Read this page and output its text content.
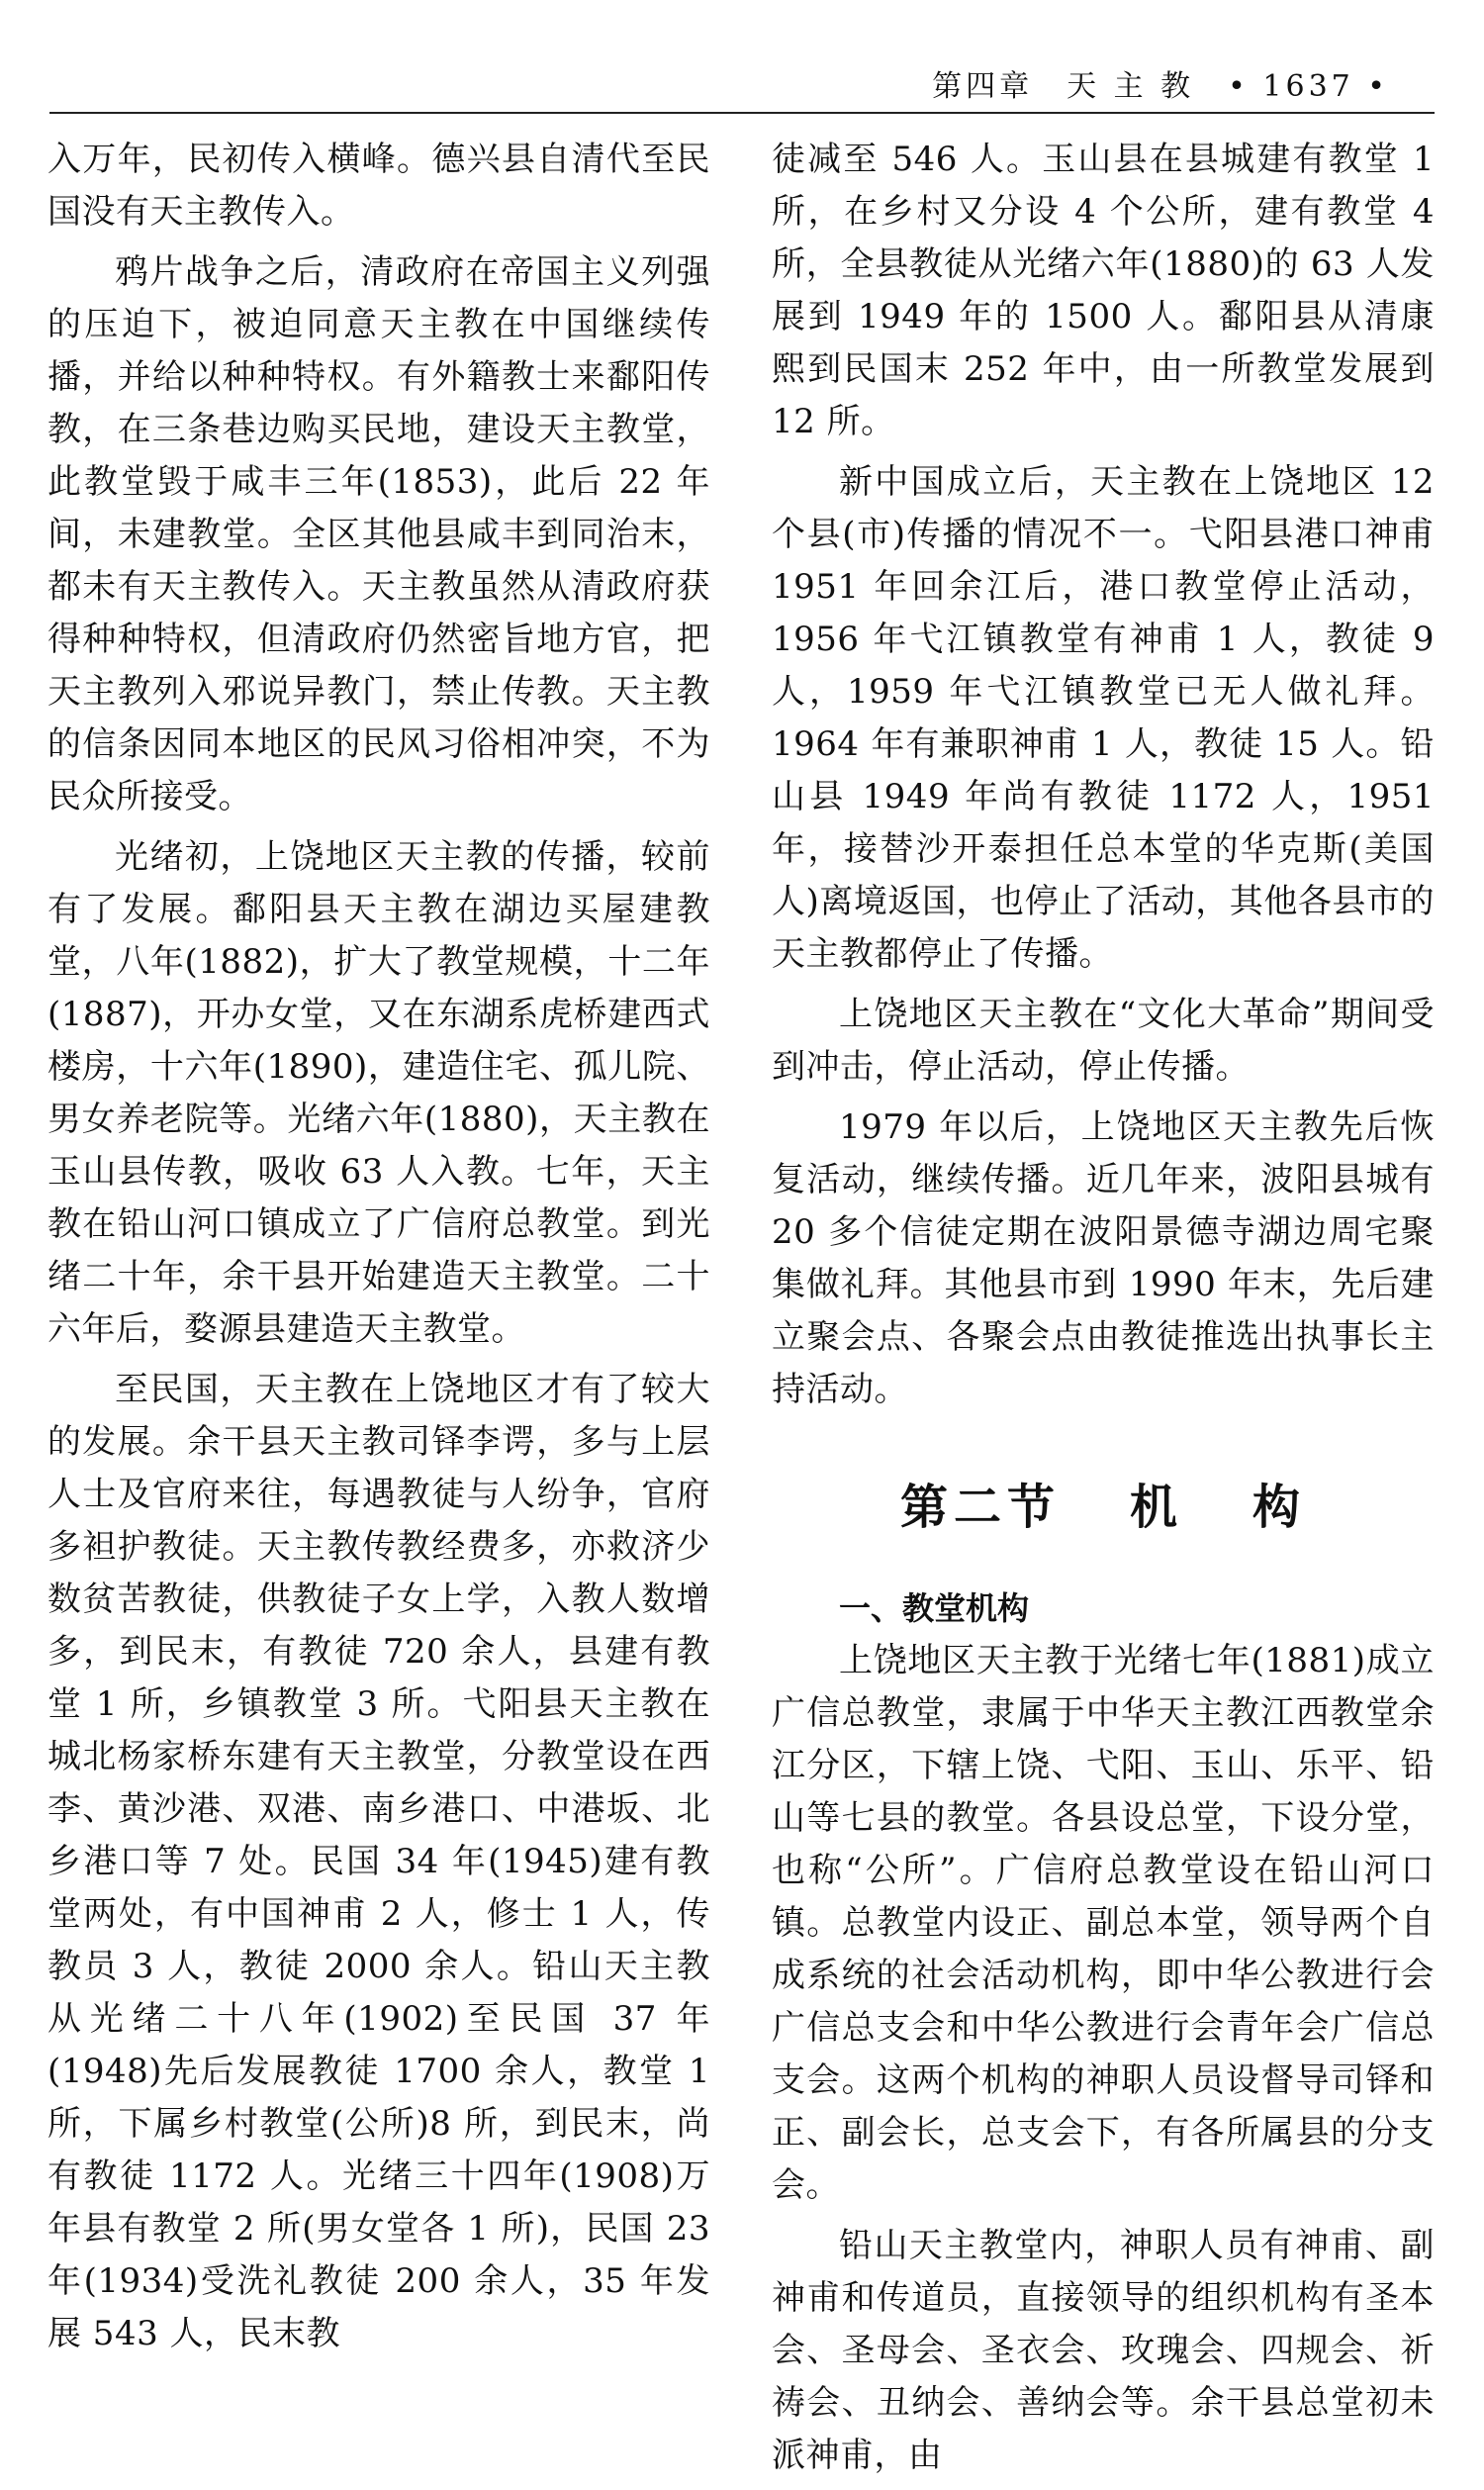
第四章　天 主 教　• 1637 •

入万年，民初传入横峰。德兴县自清代至民国没有天主教传入。

鸦片战争之后，清政府在帝国主义列强的压迫下，被迫同意天主教在中国继续传播，并给以种种特权。有外籍教士来鄱阳传教，在三条巷边购买民地，建设天主教堂，此教堂毁于咸丰三年(1853)，此后 22 年间，未建教堂。全区其他县咸丰到同治末，都未有天主教传入。天主教虽然从清政府获得种种特权，但清政府仍然密旨地方官，把天主教列入邪说异教门，禁止传教。天主教的信条因同本地区的民风习俗相冲突，不为民众所接受。

光绪初，上饶地区天主教的传播，较前有了发展。鄱阳县天主教在湖边买屋建教堂，八年(1882)，扩大了教堂规模，十二年(1887)，开办女堂，又在东湖系虎桥建西式楼房，十六年(1890)，建造住宅、孤儿院、男女养老院等。光绪六年(1880)，天主教在玉山县传教，吸收 63 人入教。七年，天主教在铅山河口镇成立了广信府总教堂。到光绪二十年，余干县开始建造天主教堂。二十六年后，婺源县建造天主教堂。

至民国，天主教在上饶地区才有了较大的发展。余干县天主教司铎李谔，多与上层人士及官府来往，每遇教徒与人纷争，官府多袒护教徒。天主教传教经费多，亦救济少数贫苦教徒，供教徒子女上学，入教人数增多，到民末，有教徒 720 余人，县建有教堂 1 所，乡镇教堂 3 所。弋阳县天主教在城北杨家桥东建有天主教堂，分教堂设在西李、黄沙港、双港、南乡港口、中港坂、北乡港口等 7 处。民国 34 年(1945)建有教堂两处，有中国神甫 2 人，修士 1 人，传教员 3 人，教徒 2000 余人。铅山天主教从光绪二十八年(1902)至民国 37 年(1948)先后发展教徒 1700 余人，教堂 1 所，下属乡村教堂(公所)8 所，到民末，尚有教徒 1172 人。光绪三十四年(1908)万年县有教堂 2 所(男女堂各 1 所)，民国 23 年(1934)受洗礼教徒 200 余人，35 年发展 543 人，民末教

徒减至 546 人。玉山县在县城建有教堂 1 所，在乡村又分设 4 个公所，建有教堂 4 所，全县教徒从光绪六年(1880)的 63 人发展到 1949 年的 1500 人。鄱阳县从清康熙到民国末 252 年中，由一所教堂发展到 12 所。

新中国成立后，天主教在上饶地区 12 个县(市)传播的情况不一。弋阳县港口神甫 1951 年回余江后，港口教堂停止活动，1956 年弋江镇教堂有神甫 1 人，教徒 9 人，1959 年弋江镇教堂已无人做礼拜。1964 年有兼职神甫 1 人，教徒 15 人。铅山县 1949 年尚有教徒 1172 人，1951 年，接替沙开泰担任总本堂的华克斯(美国人)离境返国，也停止了活动，其他各县市的天主教都停止了传播。

上饶地区天主教在“文化大革命”期间受到冲击，停止活动，停止传播。

1979 年以后，上饶地区天主教先后恢复活动，继续传播。近几年来，波阳县城有 20 多个信徒定期在波阳景德寺湖边周宅聚集做礼拜。其他县市到 1990 年末，先后建立聚会点、各聚会点由教徒推选出执事长主持活动。

第二节 机 构
一、教堂机构

上饶地区天主教于光绪七年(1881)成立广信总教堂，隶属于中华天主教江西教堂余江分区，下辖上饶、弋阳、玉山、乐平、铅山等七县的教堂。各县设总堂，下设分堂，也称“公所”。广信府总教堂设在铅山河口镇。总教堂内设正、副总本堂，领导两个自成系统的社会活动机构，即中华公教进行会广信总支会和中华公教进行会青年会广信总支会。这两个机构的神职人员设督导司铎和正、副会长，总支会下，有各所属县的分支会。

铅山天主教堂内，神职人员有神甫、副神甫和传道员，直接领导的组织机构有圣本会、圣母会、圣衣会、玫瑰会、四规会、祈祷会、丑纳会、善纳会等。余干县总堂初未派神甫，由
